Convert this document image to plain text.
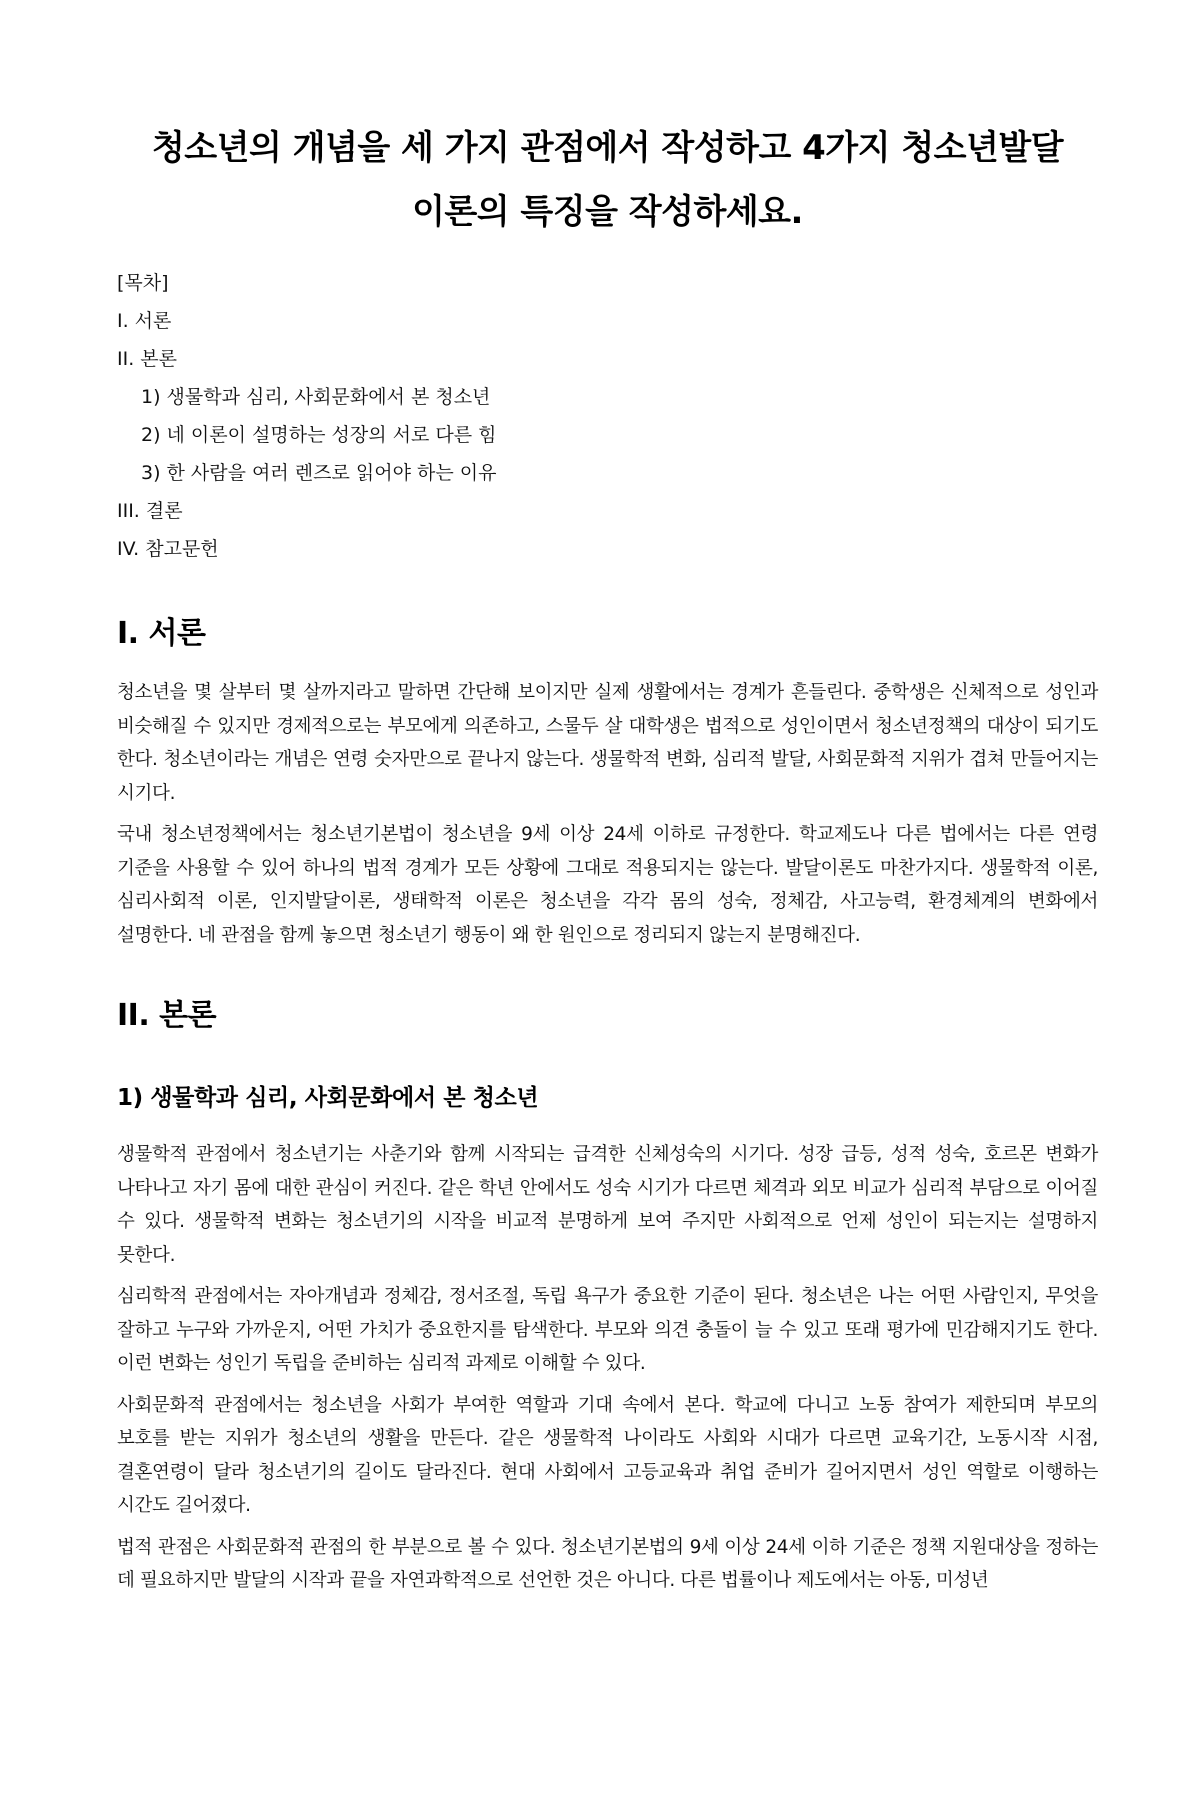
청소년의 개념을 세 가지 관점에서 작성하고 4가지 청소년발달
이론의 특징을 작성하세요.
[목차]
I. 서론
II. 본론
1) 생물학과 심리, 사회문화에서 본 청소년
2) 네 이론이 설명하는 성장의 서로 다른 힘
3) 한 사람을 여러 렌즈로 읽어야 하는 이유
III. 결론
IV. 참고문헌
I. 서론

청소년을 몇 살부터 몇 살까지라고 말하면 간단해 보이지만 실제 생활에서는 경계가 흔들린다. 중학생은 신체적으로 성인과 비슷해질 수 있지만 경제적으로는 부모에게 의존하고, 스물두 살 대학생은 법적으로 성인이면서 청소년정책의 대상이 되기도 한다. 청소년이라는 개념은 연령 숫자만으로 끝나지 않는다. 생물학적 변화, 심리적 발달, 사회문화적 지위가 겹쳐 만들어지는 시기다.

국내 청소년정책에서는 청소년기본법이 청소년을 9세 이상 24세 이하로 규정한다. 학교제도나 다른 법에서는 다른 연령 기준을 사용할 수 있어 하나의 법적 경계가 모든 상황에 그대로 적용되지는 않는다. 발달이론도 마찬가지다. 생물학적 이론, 심리사회적 이론, 인지발달이론, 생태학적 이론은 청소년을 각각 몸의 성숙, 정체감, 사고능력, 환경체계의 변화에서 설명한다. 네 관점을 함께 놓으면 청소년기 행동이 왜 한 원인으로 정리되지 않는지 분명해진다.

II. 본론
1) 생물학과 심리, 사회문화에서 본 청소년

생물학적 관점에서 청소년기는 사춘기와 함께 시작되는 급격한 신체성숙의 시기다. 성장 급등, 성적 성숙, 호르몬 변화가 나타나고 자기 몸에 대한 관심이 커진다. 같은 학년 안에서도 성숙 시기가 다르면 체격과 외모 비교가 심리적 부담으로 이어질 수 있다. 생물학적 변화는 청소년기의 시작을 비교적 분명하게 보여 주지만 사회적으로 언제 성인이 되는지는 설명하지 못한다.

심리학적 관점에서는 자아개념과 정체감, 정서조절, 독립 욕구가 중요한 기준이 된다. 청소년은 나는 어떤 사람인지, 무엇을 잘하고 누구와 가까운지, 어떤 가치가 중요한지를 탐색한다. 부모와 의견 충돌이 늘 수 있고 또래 평가에 민감해지기도 한다. 이런 변화는 성인기 독립을 준비하는 심리적 과제로 이해할 수 있다.

사회문화적 관점에서는 청소년을 사회가 부여한 역할과 기대 속에서 본다. 학교에 다니고 노동 참여가 제한되며 부모의 보호를 받는 지위가 청소년의 생활을 만든다. 같은 생물학적 나이라도 사회와 시대가 다르면 교육기간, 노동시작 시점, 결혼연령이 달라 청소년기의 길이도 달라진다. 현대 사회에서 고등교육과 취업 준비가 길어지면서 성인 역할로 이행하는 시간도 길어졌다.

법적 관점은 사회문화적 관점의 한 부분으로 볼 수 있다. 청소년기본법의 9세 이상 24세 이하 기준은 정책 지원대상을 정하는 데 필요하지만 발달의 시작과 끝을 자연과학적으로 선언한 것은 아니다. 다른 법률이나 제도에서는 아동, 미성년
